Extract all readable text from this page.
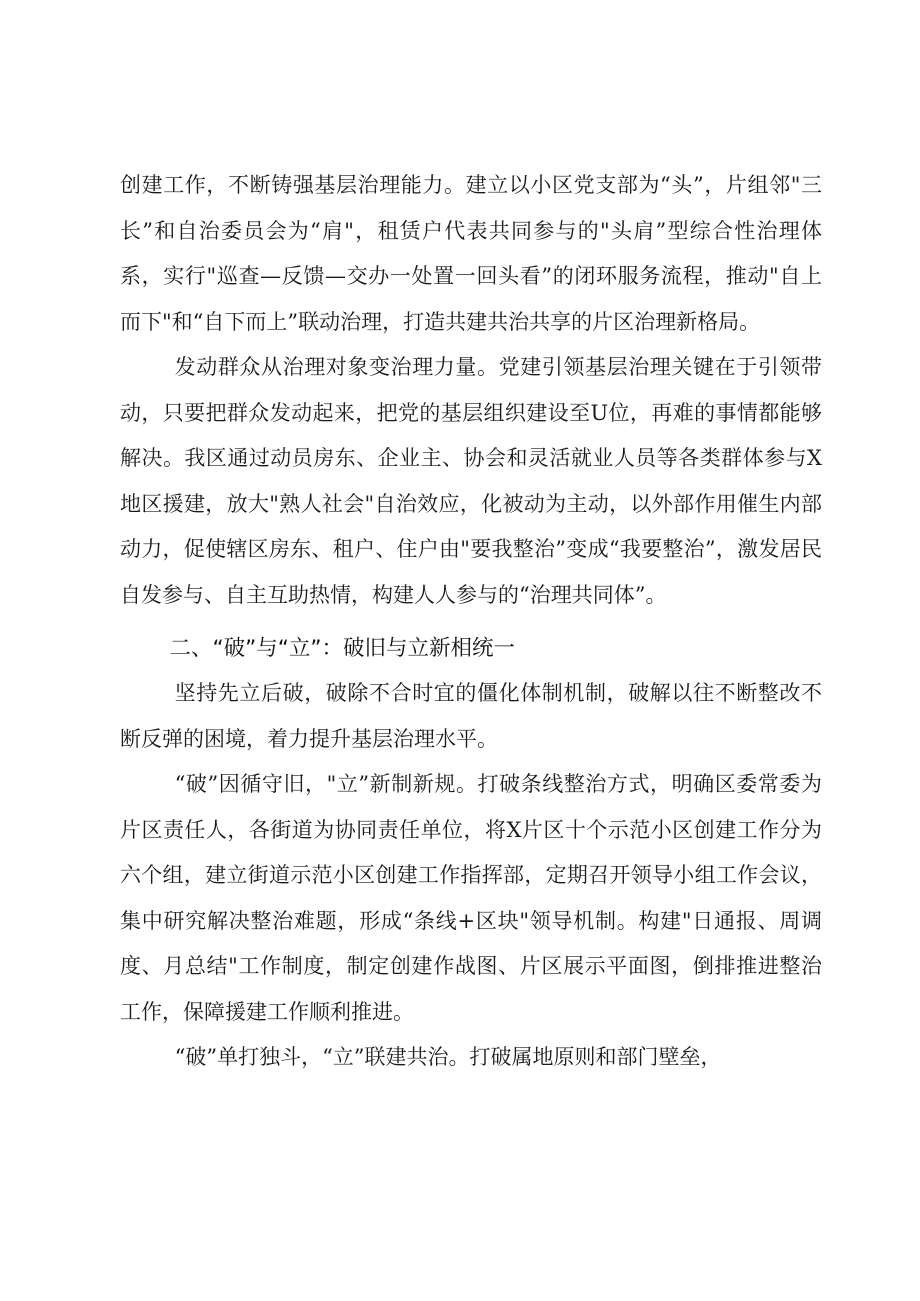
创建工作，不断铸强基层治理能力。建立以小区党支部为“头”，片组邻"三长”和自治委员会为“肩"，租赁户代表共同参与的"头肩”型综合性治理体系，实行"巡查—反馈—交办一处置一回头看”的闭环服务流程，推动"自上而下"和“自下而上”联动治理，打造共建共治共享的片区治理新格局。

发动群众从治理对象变治理力量。党建引领基层治理关键在于引领带动，只要把群众发动起来，把党的基层组织建设至U位，再难的事情都能够解决。我区通过动员房东、企业主、协会和灵活就业人员等各类群体参与X地区援建，放大"熟人社会"自治效应，化被动为主动，以外部作用催生内部动力，促使辖区房东、租户、住户由"要我整治”变成“我要整治”，激发居民自发参与、自主互助热情，构建人人参与的“治理共同体”。

二、“破”与“立”：破旧与立新相统一

坚持先立后破，破除不合时宜的僵化体制机制，破解以往不断整改不断反弹的困境，着力提升基层治理水平。

“破”因循守旧，"立”新制新规。打破条线整治方式，明确区委常委为片区责任人，各街道为协同责任单位，将X片区十个示范小区创建工作分为六个组，建立街道示范小区创建工作指挥部，定期召开领导小组工作会议，集中研究解决整治难题，形成“条线+区块"领导机制。构建"日通报、周调度、月总结"工作制度，制定创建作战图、片区展示平面图，倒排推进整治工作，保障援建工作顺利推进。

“破”单打独斗，“立”联建共治。打破属地原则和部门壁垒，
